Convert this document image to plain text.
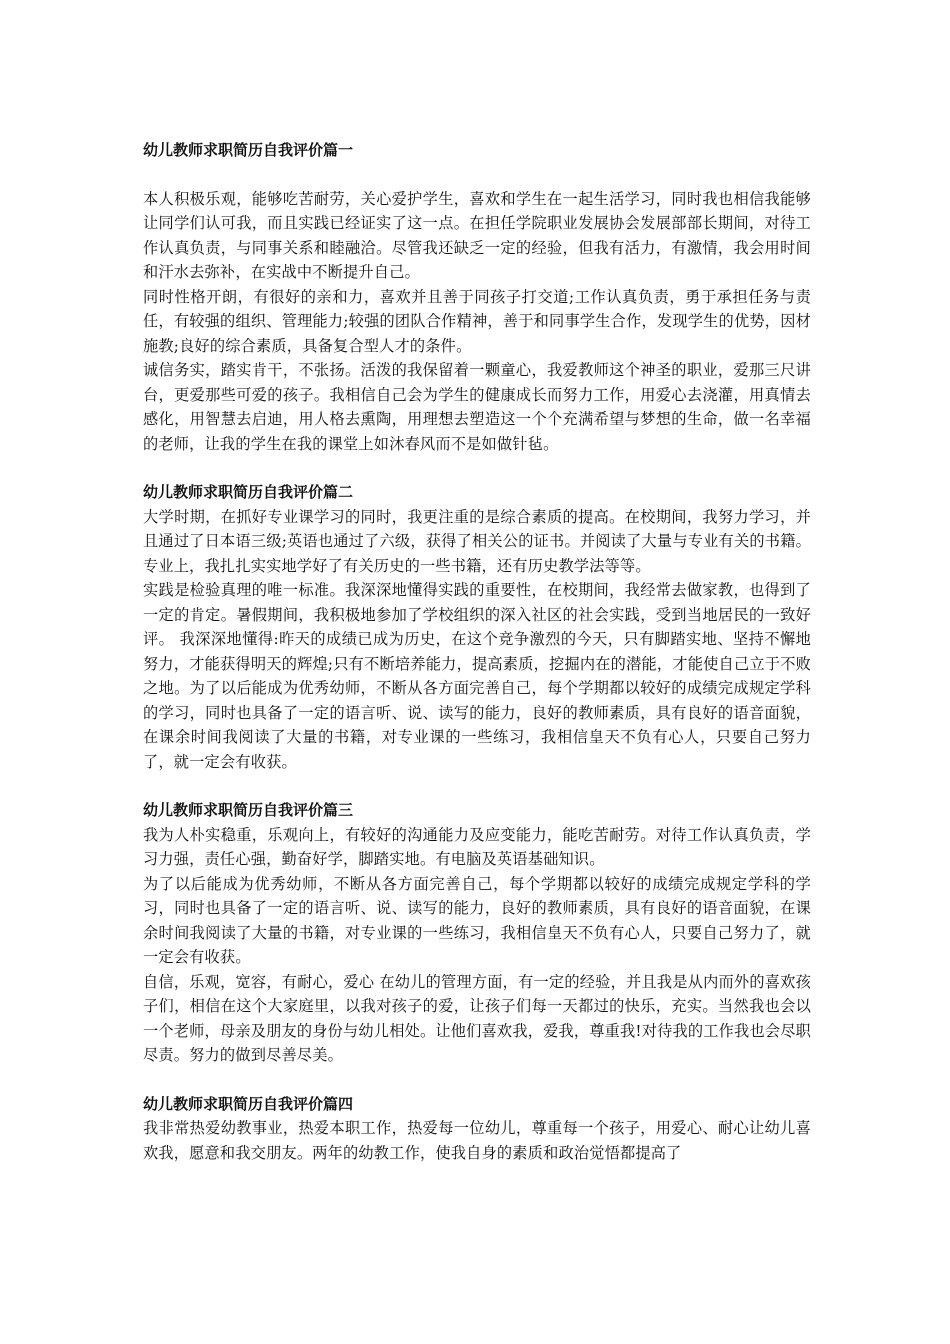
幼儿教师求职简历自我评价篇一

本人积极乐观，能够吃苦耐劳，关心爱护学生，喜欢和学生在一起生活学习，同时我也相信我能够让同学们认可我，而且实践已经证实了这一点。在担任学院职业发展协会发展部部长期间，对待工作认真负责，与同事关系和睦融洽。尽管我还缺乏一定的经验，但我有活力，有激情，我会用时间和汗水去弥补，在实战中不断提升自己。

同时性格开朗，有很好的亲和力，喜欢并且善于同孩子打交道;工作认真负责，勇于承担任务与责任，有较强的组织、管理能力;较强的团队合作精神，善于和同事学生合作，发现学生的优势，因材施教;良好的综合素质，具备复合型人才的条件。

诚信务实，踏实肯干，不张扬。活泼的我保留着一颗童心，我爱教师这个神圣的职业，爱那三尺讲台，更爱那些可爱的孩子。我相信自己会为学生的健康成长而努力工作，用爱心去浇灌，用真情去感化，用智慧去启迪，用人格去熏陶，用理想去塑造这一个个充满希望与梦想的生命，做一名幸福的老师，让我的学生在我的课堂上如沐春风而不是如做针毡。

幼儿教师求职简历自我评价篇二

大学时期，在抓好专业课学习的同时，我更注重的是综合素质的提高。在校期间，我努力学习，并且通过了日本语三级;英语也通过了六级，获得了相关公的证书。并阅读了大量与专业有关的书籍。专业上，我扎扎实实地学好了有关历史的一些书籍，还有历史教学法等等。

实践是检验真理的唯一标准。我深深地懂得实践的重要性，在校期间，我经常去做家教，也得到了一定的肯定。暑假期间，我积极地参加了学校组织的深入社区的社会实践，受到当地居民的一致好评。 我深深地懂得:昨天的成绩已成为历史，在这个竞争激烈的今天，只有脚踏实地、坚持不懈地努力，才能获得明天的辉煌;只有不断培养能力，提高素质，挖掘内在的潜能，才能使自己立于不败之地。为了以后能成为优秀幼师，不断从各方面完善自己，每个学期都以较好的成绩完成规定学科的学习，同时也具备了一定的语言听、说、读写的能力，良好的教师素质，具有良好的语音面貌，在课余时间我阅读了大量的书籍，对专业课的一些练习，我相信皇天不负有心人，只要自己努力了，就一定会有收获。

幼儿教师求职简历自我评价篇三

我为人朴实稳重，乐观向上，有较好的沟通能力及应变能力，能吃苦耐劳。对待工作认真负责，学习力强，责任心强，勤奋好学，脚踏实地。有电脑及英语基础知识。

为了以后能成为优秀幼师，不断从各方面完善自己，每个学期都以较好的成绩完成规定学科的学习，同时也具备了一定的语言听、说、读写的能力，良好的教师素质，具有良好的语音面貌，在课余时间我阅读了大量的书籍，对专业课的一些练习，我相信皇天不负有心人，只要自己努力了，就一定会有收获。

自信，乐观，宽容，有耐心，爱心 在幼儿的管理方面，有一定的经验，并且我是从内而外的喜欢孩子们，相信在这个大家庭里，以我对孩子的爱，让孩子们每一天都过的快乐，充实。当然我也会以一个老师，母亲及朋友的身份与幼儿相处。让他们喜欢我，爱我，尊重我!对待我的工作我也会尽职尽责。努力的做到尽善尽美。

幼儿教师求职简历自我评价篇四

我非常热爱幼教事业，热爱本职工作，热爱每一位幼儿，尊重每一个孩子，用爱心、耐心让幼儿喜欢我，愿意和我交朋友。两年的幼教工作，使我自身的素质和政治觉悟都提高了
